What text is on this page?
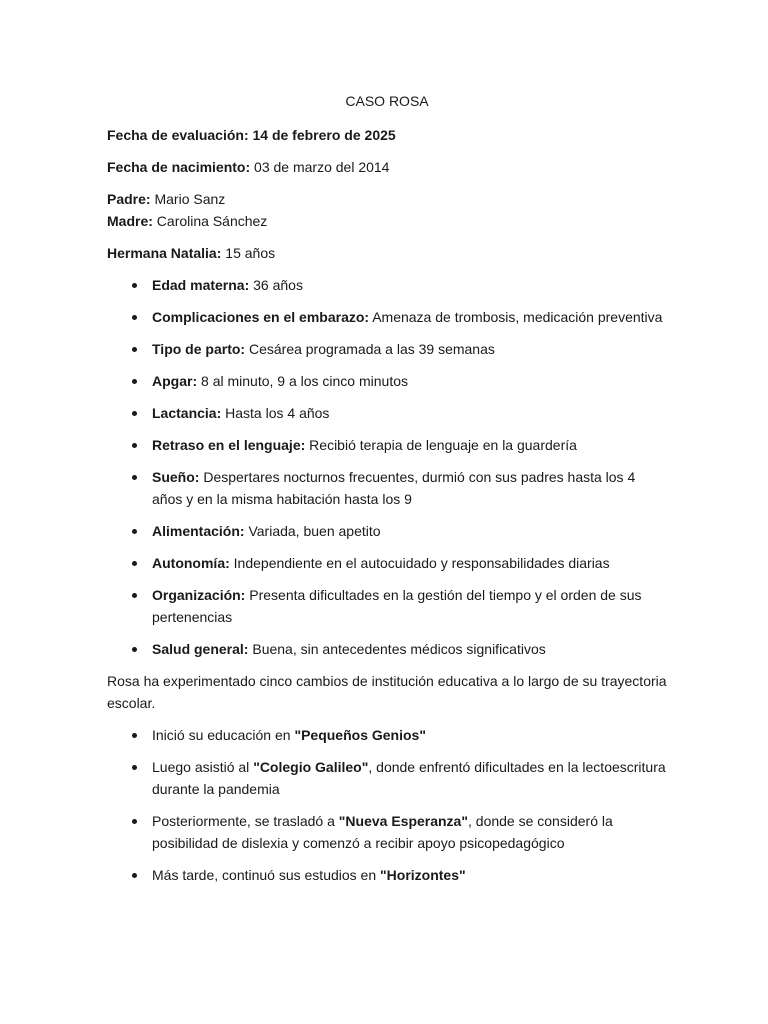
CASO ROSA

Fecha de evaluación: 14 de febrero de 2025

Fecha de nacimiento: 03 de marzo del 2014

Padre: Mario Sanz

Madre: Carolina Sánchez

Hermana Natalia: 15 años

Edad materna: 36 años
Complicaciones en el embarazo: Amenaza de trombosis, medicación preventiva
Tipo de parto: Cesárea programada a las 39 semanas
Apgar: 8 al minuto, 9 a los cinco minutos
Lactancia: Hasta los 4 años
Retraso en el lenguaje: Recibió terapia de lenguaje en la guardería
Sueño: Despertares nocturnos frecuentes, durmió con sus padres hasta los 4 años y en la misma habitación hasta los 9
Alimentación: Variada, buen apetito
Autonomía: Independiente en el autocuidado y responsabilidades diarias
Organización: Presenta dificultades en la gestión del tiempo y el orden de sus pertenencias
Salud general: Buena, sin antecedentes médicos significativos

Rosa ha experimentado cinco cambios de institución educativa a lo largo de su trayectoria escolar.

Inició su educación en "Pequeños Genios"
Luego asistió al "Colegio Galileo", donde enfrentó dificultades en la lectoescritura durante la pandemia
Posteriormente, se trasladó a "Nueva Esperanza", donde se consideró la posibilidad de dislexia y comenzó a recibir apoyo psicopedagógico
Más tarde, continuó sus estudios en "Horizontes"
